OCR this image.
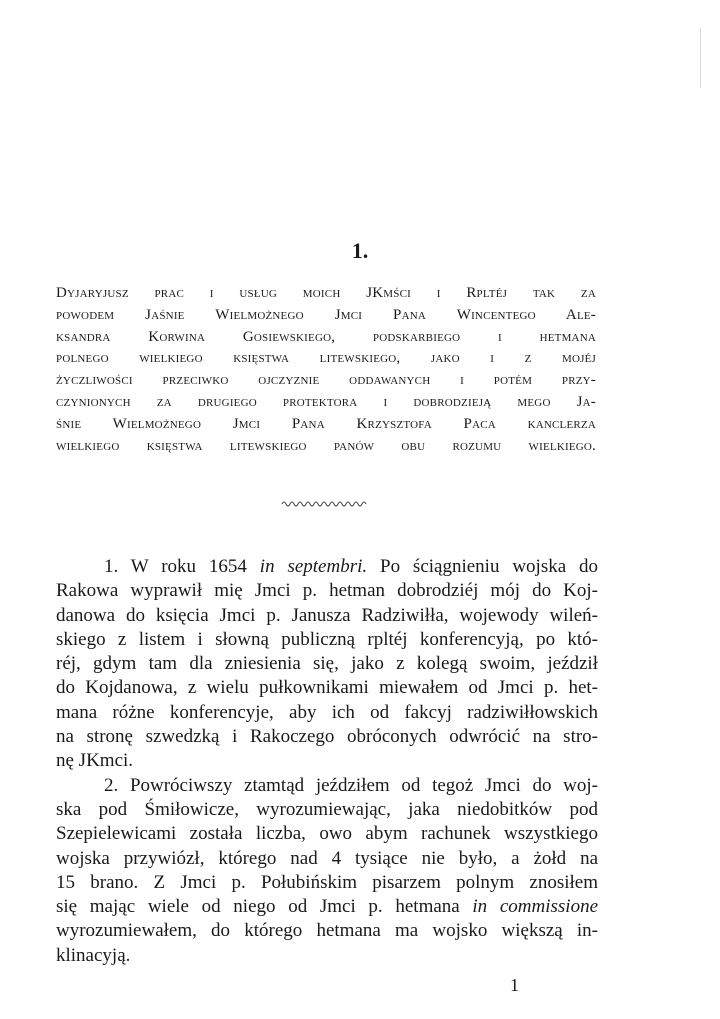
1.
Dyjaryjusz prac i usług moich JKmści i Rpltéj tak za
powodem Jaśnie Wielmożnego Jmci Pana Wincentego Ale-
ksandra Korwina Gosiewskiego, podskarbiego i hetmana
polnego wielkiego księstwa litewskiego, jako i z mojéj
życzliwości przeciwko ojczyznie oddawanych i potém przy-
czynionych za drugiego protektora i dobrodzieją mego Ja-
śnie Wielmożnego Jmci Pana Krzysztofa Paca kanclerza
wielkiego księstwa litewskiego panów obu rozumu wielkiego.
1. W roku 1654 in septembri. Po ściągnieniu wojska do
Rakowa wyprawił mię Jmci p. hetman dobrodziéj mój do Koj-
danowa do księcia Jmci p. Janusza Radziwiłła, wojewody wileń-
skiego z listem i słowną publiczną rpltéj konferencyją, po któ-
réj, gdym tam dla zniesienia się, jako z kolegą swoim, jeździł
do Kojdanowa, z wielu pułkownikami miewałem od Jmci p. het-
mana różne konferencyje, aby ich od fakcyj radziwiłłowskich
na stronę szwedzką i Rakoczego obróconych odwrócić na stro-
nę JKmci.
2. Powróciwszy ztamtąd jeździłem od tegoż Jmci do woj-
ska pod Śmiłowicze, wyrozumiewając, jaka niedobitków pod
Szepielewicami została liczba, owo abym rachunek wszystkiego
wojska przywiózł, którego nad 4 tysiące nie było, a żołd na
15 brano. Z Jmci p. Połubińskim pisarzem polnym znosiłem
się mając wiele od niego od Jmci p. hetmana in commissione
wyrozumiewałem, do którego hetmana ma wojsko większą in-
klinacyją.
1
